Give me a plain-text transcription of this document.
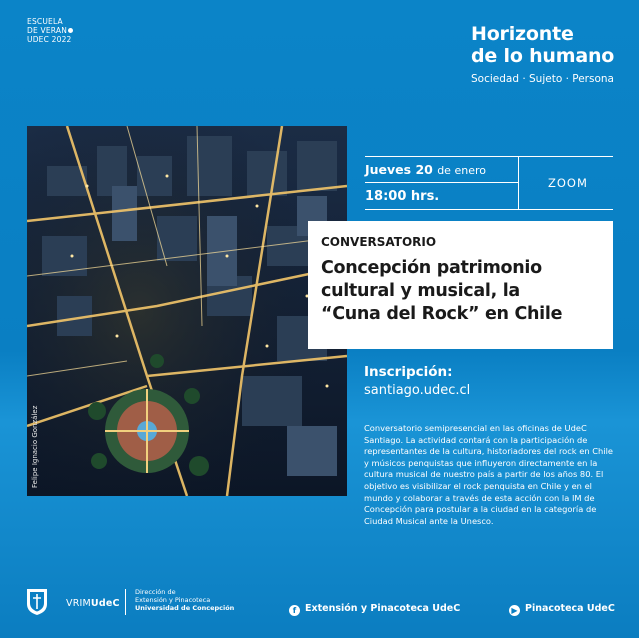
ESCUELA
DE VERAN
UDEC 2022	Horizonte
de lo humano
Sociedad · Sujeto · Persona
Felipe Ignacio González
Jueves 20 de enero
18:00 hrs.
ZOOM
CONVERSATORIO
Concepción patrimonio
cultural y musical, la
“Cuna del Rock” en Chile
Inscripción:
santiago.udec.cl
Conversatorio semipresencial en las oficinas de UdeC Santiago. La actividad contará con la participación de representantes de la cultura, historiadores del rock en Chile y músicos penquistas que influyeron directamente en la cultura musical de nuestro país a partir de los años 80. El objetivo es visibilizar el rock penquista en Chile y en el mundo y colaborar a través de esta acción con la IM de Concepción para postular a la ciudad en la categoría de Ciudad Musical ante la Unesco.
VRIMUdeC
Dirección de
Extensión y Pinacoteca
Universidad de Concepción	f Extensión y Pinacoteca UdeC	▶ Pinacoteca UdeC
